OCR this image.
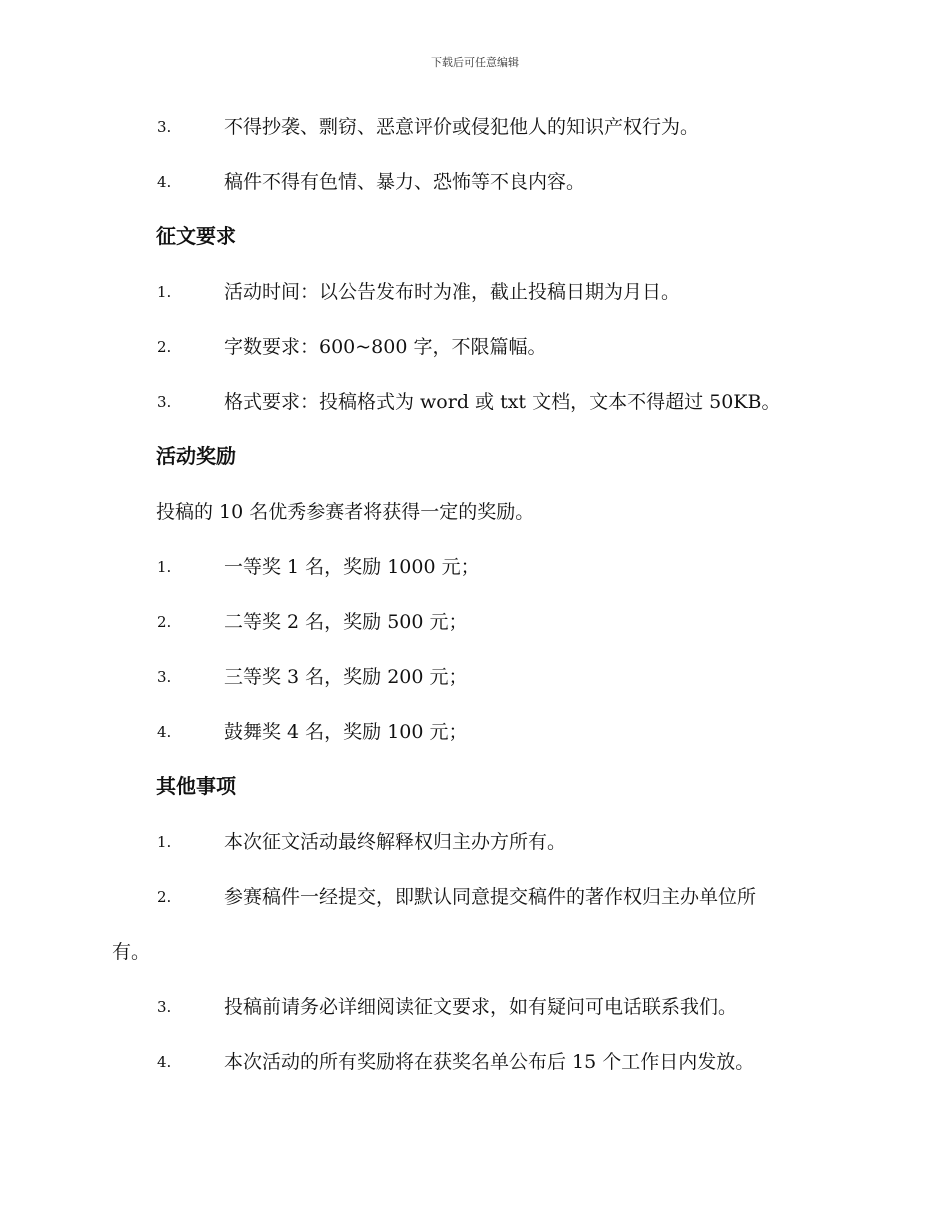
下载后可任意编辑
3.	不得抄袭、剽窃、恶意评价或侵犯他人的知识产权行为。
4.	稿件不得有色情、暴力、恐怖等不良内容。
征文要求
1.	活动时间：以公告发布时为准，截止投稿日期为月日。
2.	字数要求：600~800 字，不限篇幅。
3.	格式要求：投稿格式为 word 或 txt 文档，文本不得超过 50KB。
活动奖励
投稿的 10 名优秀参赛者将获得一定的奖励。
1.	一等奖 1 名，奖励 1000 元；
2.	二等奖 2 名，奖励 500 元；
3.	三等奖 3 名，奖励 200 元；
4.	鼓舞奖 4 名，奖励 100 元；
其他事项
1.	本次征文活动最终解释权归主办方所有。
2.	参赛稿件一经提交，即默认同意提交稿件的著作权归主办单位所
有。
3.	投稿前请务必详细阅读征文要求，如有疑问可电话联系我们。
4.	本次活动的所有奖励将在获奖名单公布后 15 个工作日内发放。
